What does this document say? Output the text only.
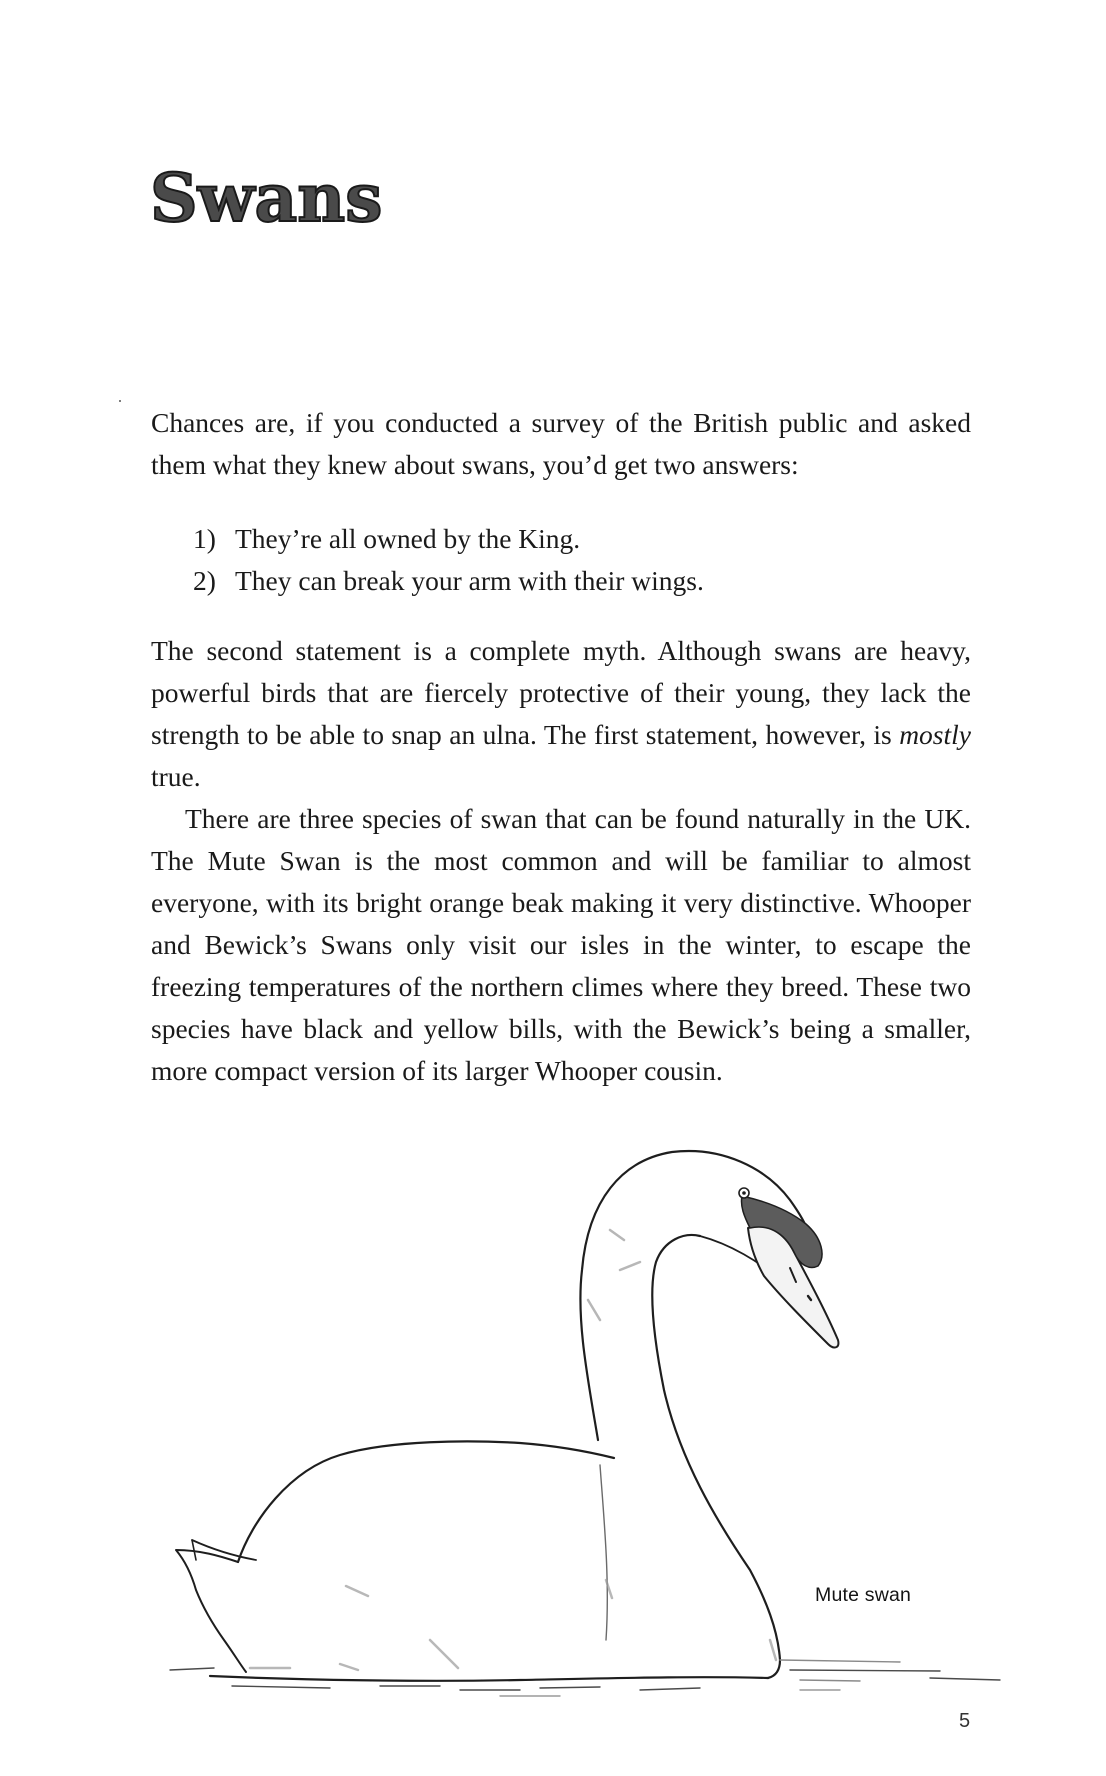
Swans

Chances are, if you conducted a survey of the British public and asked them what they knew about swans, you’d get two answers:

1) They’re all owned by the King.
2) They can break your arm with their wings.

The second statement is a complete myth. Although swans are heavy, powerful birds that are fiercely protective of their young, they lack the strength to be able to snap an ulna. The first statement, however, is mostly true.

There are three species of swan that can be found naturally in the UK. The Mute Swan is the most common and will be familiar to almost everyone, with its bright orange beak making it very distinctive. Whooper and Bewick’s Swans only visit our isles in the winter, to escape the freezing temperatures of the northern climes where they breed. These two species have black and yellow bills, with the Bewick’s being a smaller, more compact version of its larger Whooper cousin.

Mute swan
5
